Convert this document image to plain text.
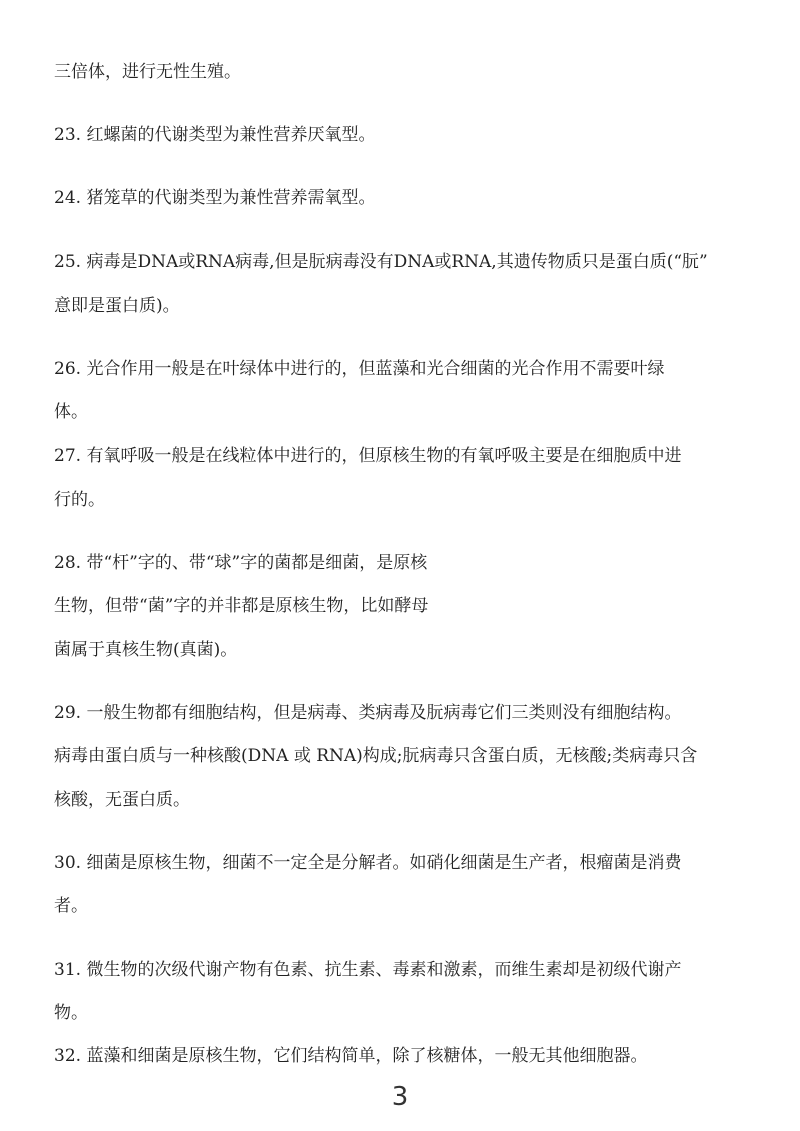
三倍体，进行无性生殖。
23. 红螺菌的代谢类型为兼性营养厌氧型。
24. 猪笼草的代谢类型为兼性营养需氧型。
25. 病毒是DNA或RNA病毒,但是朊病毒没有DNA或RNA,其遗传物质只是蛋白质(“朊”
意即是蛋白质)。
26. 光合作用一般是在叶绿体中进行的，但蓝藻和光合细菌的光合作用不需要叶绿
体。
27. 有氧呼吸一般是在线粒体中进行的，但原核生物的有氧呼吸主要是在细胞质中进
行的。
28. 带“杆”字的、带“球”字的菌都是细菌，是原核
生物，但带“菌”字的并非都是原核生物，比如酵母
菌属于真核生物(真菌)。
29. 一般生物都有细胞结构，但是病毒、类病毒及朊病毒它们三类则没有细胞结构。
病毒由蛋白质与一种核酸(DNA 或 RNA)构成;朊病毒只含蛋白质，无核酸;类病毒只含
核酸，无蛋白质。
30. 细菌是原核生物，细菌不一定全是分解者。如硝化细菌是生产者，根瘤菌是消费
者。
31. 微生物的次级代谢产物有色素、抗生素、毒素和激素，而维生素却是初级代谢产
物。
32. 蓝藻和细菌是原核生物，它们结构简单，除了核糖体，一般无其他细胞器。
3
